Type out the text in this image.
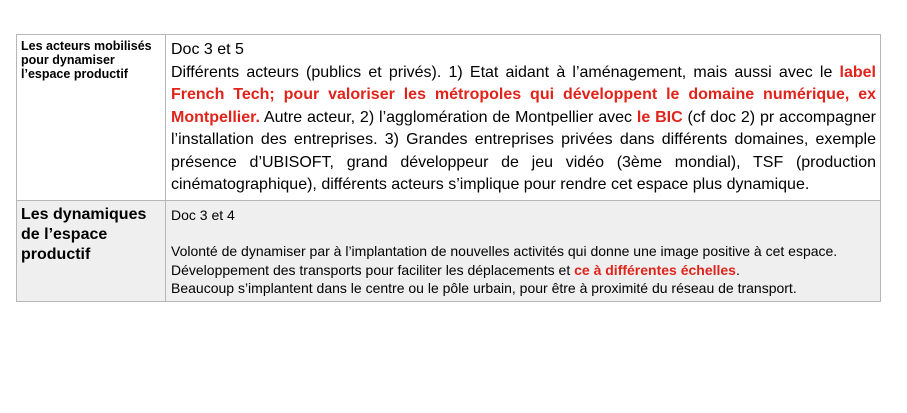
Les acteurs mobilisés pour dynamiser l’espace productif	Doc 3 et 5
Différents acteurs (publics et privés). 1) Etat aidant à l’aménagement, mais aussi avec le label French Tech; pour valoriser les métropoles qui développent le domaine numérique, ex Montpellier. Autre acteur, 2) l’agglomération de Montpellier avec le BIC (cf doc 2) pr accompagner l’installation des entreprises. 3) Grandes entreprises privées dans différents domaines, exemple présence d’UBISOFT, grand développeur de jeu vidéo (3ème mondial), TSF (production cinématographique), différents acteurs s’implique pour rendre cet espace plus dynamique.

Les dynamiques de l’espace productif	Doc 3 et 4
Volonté de dynamiser par à l’implantation de nouvelles activités qui donne une image positive à cet espace.
Développement des transports pour faciliter les déplacements et ce à différentes échelles.
Beaucoup s’implantent dans le centre ou le pôle urbain, pour être à proximité du réseau de transport.
